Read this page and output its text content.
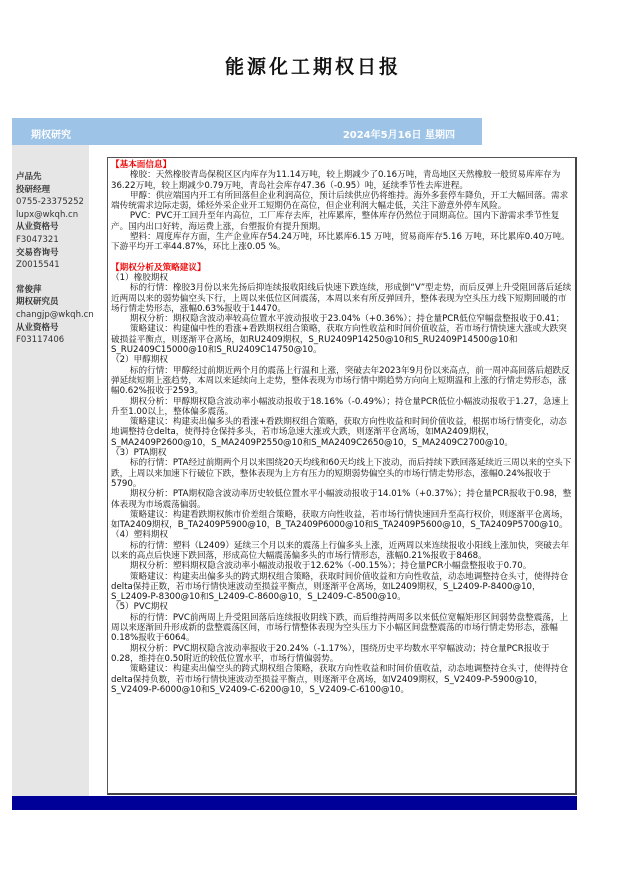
能源化工期权日报
期权研究	2024年5月16日 星期四
卢品先
投研经理
0755-23375252
lupx@wkqh.cn
从业资格号
F3047321
交易咨询号
Z0015541
常俊萍
期权研究员
changjp@wkqh.cn
从业资格号
F03117406
【基本面信息】

橡胶：天然橡胶青岛保税区区内库存为11.14万吨，较上期减少了0.16万吨，青岛地区天然橡胶一般贸易库库存为36.22万吨，较上期减少0.79万吨，青岛社会库存47.36（-0.95）吨，延续季节性去库进程。

甲醇：供应端国内开工有所回落但企业利润高位，预计后续供应仍将维持。海外多套停车降负，开工大幅回落。需求端传统需求边际走弱，烯烃外采企业开工短期仍在高位，但企业利润大幅走低，关注下游意外停车风险。

PVC：PVC开工回升至年内高位，工厂库存去库，社库累库，整体库存仍然位于同期高位。国内下游需求季节性复产。国内出口好转，海运费上涨，台塑报价有提升预期。

塑料：周度库存方面，生产企业库存54.24万吨，环比累库6.15 万吨，贸易商库存5.16 万吨，环比累库0.40万吨。下游平均开工率44.87%，环比上涨0.05 %。

【期权分析及策略建议】
（1）橡胶期权

标的行情：橡胶3月份以来先扬后抑连续报收阳线后快速下跌连续，形成倒“V”型走势，而后反弹上升受阻回落后延续近两周以来的弱势偏空头下行，上周以来低位区间震荡，本周以来有所反弹回升，整体表现为空头压力线下短期回暖的市场行情走势形态，涨幅0.63%报收于14470。

期权分析：期权隐含波动率较高位置水平波动报收于23.04%（+0.36%）；持仓量PCR低位窄幅盘整报收于0.41；

策略建议：构建偏中性的看涨+看跌期权组合策略，获取方向性收益和时间价值收益，若市场行情快速大涨或大跌突破损益平衡点，则逐渐平仓离场，如RU2409期权，S_RU2409P14250@10和S_RU2409P14500@10和S_RU2409C15000@10和S_RU2409C14750@10。

（2）甲醇期权

标的行情：甲醇经过前期近两个月的震荡上行温和上涨，突破去年2023年9月份以来高点，前一周冲高回落后超跌反弹延续短期上涨趋势，本周以来延续向上走势，整体表现为市场行情中期趋势方向向上短期温和上涨的行情走势形态，涨幅0.62%报收于2593。

期权分析：甲醇期权隐含波动率小幅波动报收于18.16%（-0.49%）；持仓量PCR低位小幅波动报收于1.27，急速上升至1.00以上，整体偏多震荡。

策略建议：构建卖出偏多头的看涨+看跌期权组合策略，获取方向性收益和时间价值收益，根据市场行情变化，动态地调整持仓delta，使得持仓保持多头，若市场急速大涨或大跌，则逐渐平仓离场，如MA2409期权，S_MA2409P2600@10，S_MA2409P2550@10和S_MA2409C2650@10，S_MA2409C2700@10。

（3）PTA期权

标的行情：PTA经过前期两个月以来围绕20天均线和60天均线上下波动，而后持续下跌回落延续近三周以来的空头下跌，上周以来加速下行破位下跌，整体表现为上方有压力的短期弱势偏空头的市场行情走势形态，涨幅0.24%报收于5790。

期权分析：PTA期权隐含波动率历史较低位置水平小幅波动报收于14.01%（+0.37%）；持仓量PCR报收于0.98，整体表现为市场震荡偏弱。

策略建议：构建看跌期权熊市价差组合策略，获取方向性收益，若市场行情快速回升至高行权价，则逐渐平仓离场，如TA2409期权，B_TA2409P5900@10，B_TA2409P6000@10和S_TA2409P5600@10，S_TA2409P5700@10。

（4）塑料期权

标的行情：塑料（L2409）延续三个月以来的震荡上行偏多头上涨，近两周以来连续报收小阳线上涨加快，突破去年以来的高点后快速下跌回落，形成高位大幅震荡偏多头的市场行情形态，涨幅0.21%报收于8468。

期权分析：塑料期权隐含波动率小幅波动报收于12.62%（-00.15%）；持仓量PCR小幅盘整报收于0.70。

策略建议：构建卖出偏多头的跨式期权组合策略，获取时间价值收益和方向性收益，动态地调整持仓头寸，使得持仓delta保持正数，若市场行情快速波动至损益平衡点，则逐渐平仓离场，如L2409期权，S_L2409-P-8400@10，S_L2409-P-8300@10和S_L2409-C-8600@10，S_L2409-C-8500@10。

（5）PVC期权

标的行情：PVC前两周上升受阻回落后连续报收阴线下跌，而后维持两周多以来低位宽幅矩形区间弱势盘整震荡，上周以来逐渐回升形成新的盘整震荡区间，市场行情整体表现为空头压力下小幅区间盘整震荡的市场行情走势形态，涨幅0.18%报收于6064。

期权分析：PVC期权隐含波动率报收于20.24%（-1.17%），围绕历史平均数水平窄幅波动；持仓量PCR报收于0.28，维持在0.50附近的较低位置水平，市场行情偏弱势。

策略建议：构建卖出偏空头的跨式期权组合策略，获取方向性收益和时间价值收益，动态地调整持仓头寸，使得持仓delta保持负数，若市场行情快速波动至损益平衡点，则逐渐平仓离场，如V2409期权，S_V2409-P-5900@10，S_V2409-P-6000@10和S_V2409-C-6200@10，S_V2409-C-6100@10。
